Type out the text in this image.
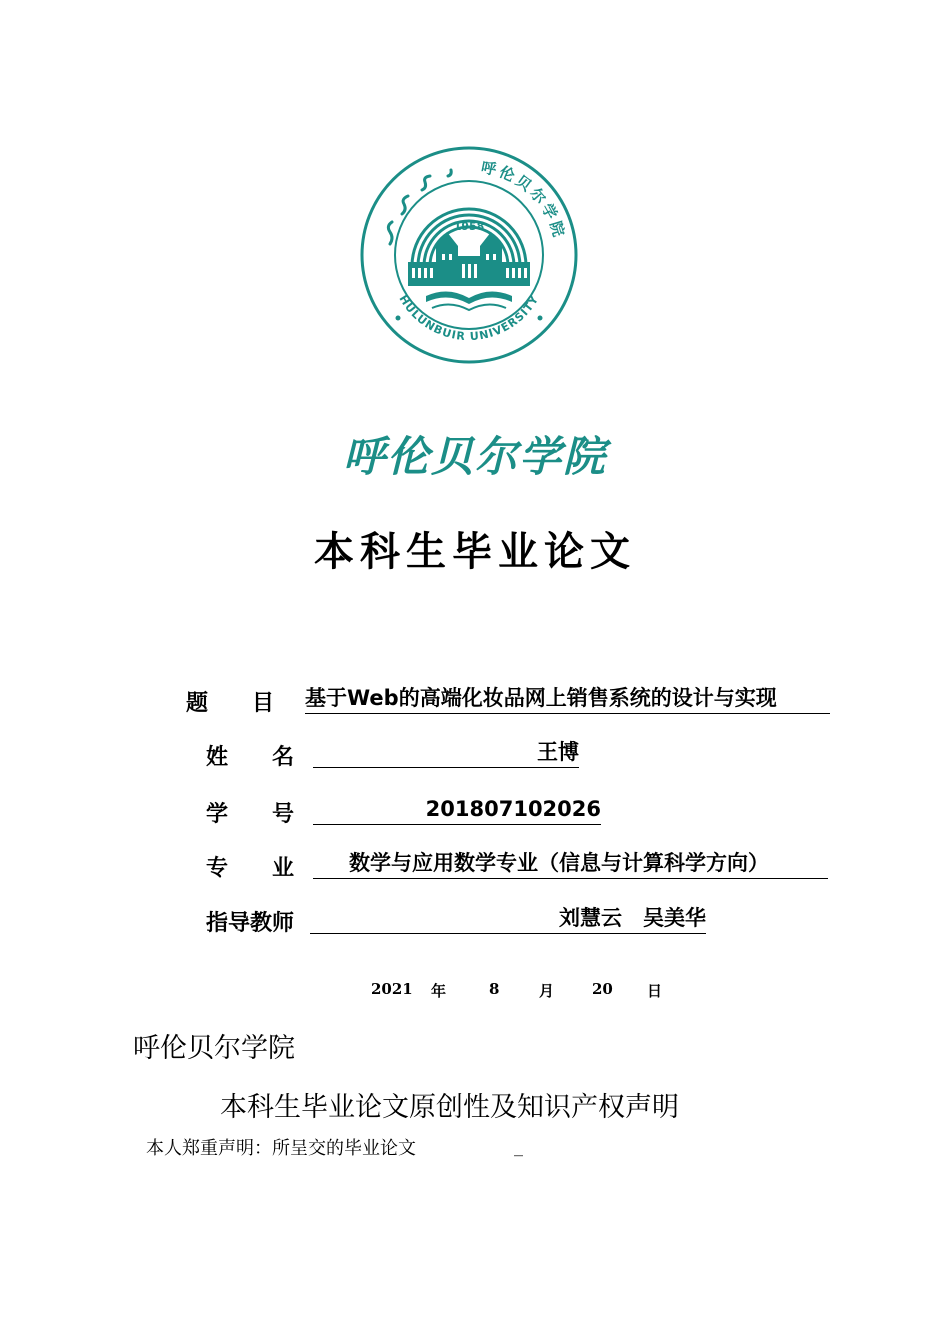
1958
HULUNBUIR UNIVERSITY
呼伦贝尔学院
呼伦贝尔学院
本科生毕业论文
题　　目 基于Web的高端化妆品网上销售系统的设计与实现
姓　　名	王博
学　　号	201807102026
专　　业	数学与应用数学专业（信息与计算科学方向）
指导教师	刘慧云　吴美华
2021 年	8	月	20 日
呼伦贝尔学院
本科生毕业论文原创性及知识产权声明
本人郑重声明：所呈交的毕业论文	_
